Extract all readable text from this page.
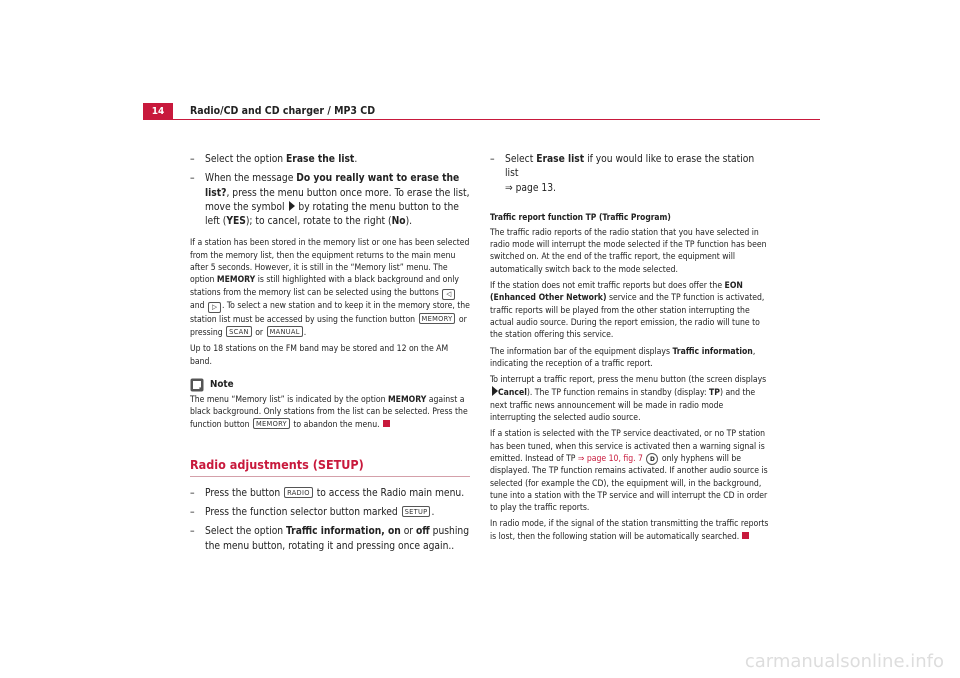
14	Radio/CD and CD charger / MP3 CD
– Select the option Erase the list.
– When the message Do you really want to erase the list?, press the menu button once more. To erase the list, move the symbol  by rotating the menu button to the left (YES); to cancel, rotate to the right (No).

If a station has been stored in the memory list or one has been selected from the memory list, then the equipment returns to the main menu after 5 seconds. However, it is still in the “Memory list” menu. The option MEMORY is still highlighted with a black background and only stations from the memory list can be selected using the buttons ◁ and ▷ . To select a new station and to keep it in the memory store, the station list must be accessed by using the function button MEMORY or pressing SCAN or MANUAL .

Up to 18 stations on the FM band may be stored and 12 on the AM band.

Note

The menu “Memory list” is indicated by the option MEMORY against a black background. Only stations from the list can be selected. Press the function button MEMORY to abandon the menu.

Radio adjustments (SETUP)
– Press the button RADIO to access the Radio main menu.
– Press the function selector button marked SETUP .
– Select the option Traffic information, on or off pushing the menu button, rotating it and pressing once again..
– Select Erase list if you would like to erase the station list
⇒ page 13.
Traffic report function TP (Traffic Program)

The traffic radio reports of the radio station that you have selected in radio mode will interrupt the mode selected if the TP function has been switched on. At the end of the traffic report, the equipment will automatically switch back to the mode selected.

If the station does not emit traffic reports but does offer the EON (Enhanced Other Network) service and the TP function is activated, traffic reports will be played from the other station interrupting the actual audio source. During the report emission, the radio will tune to the station offering this service.

The information bar of the equipment displays Traffic information, indicating the reception of a traffic report.

To interrupt a traffic report, press the menu button (the screen displays Cancel). The TP function remains in standby (display: TP) and the next traffic news announcement will be made in radio mode interrupting the selected audio source.

If a station is selected with the TP service deactivated, or no TP station has been tuned, when this service is activated then a warning signal is emitted. Instead of TP ⇒ page 10, fig. 7 D only hyphens will be displayed. The TP function remains activated. If another audio source is selected (for example the CD), the equipment will, in the background, tune into a station with the TP service and will interrupt the CD in order to play the traffic reports.

In radio mode, if the signal of the station transmitting the traffic reports is lost, then the following station will be automatically searched.

carmanualsonline.info
